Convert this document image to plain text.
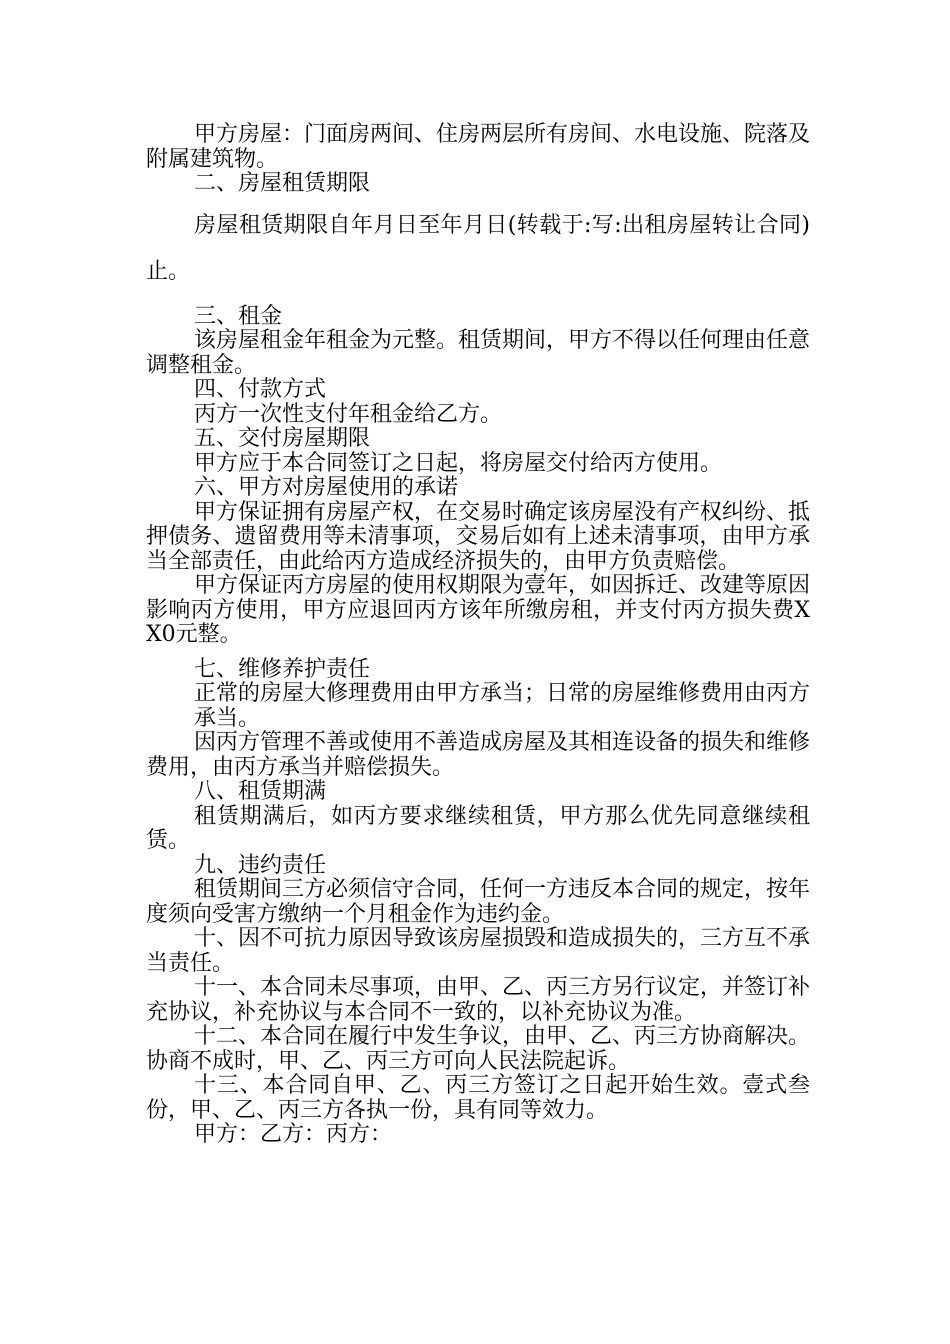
甲方房屋：门面房两间、住房两层所有房间、水电设施、院落及附属建筑物。

二、房屋租赁期限

房屋租赁期限自年月日至年月日(转载于:写:出租房屋转让合同)止。

三、租金

该房屋租金年租金为元整。租赁期间，甲方不得以任何理由任意调整租金。

四、付款方式

丙方一次性支付年租金给乙方。

五、交付房屋期限

甲方应于本合同签订之日起，将房屋交付给丙方使用。

六、甲方对房屋使用的承诺

甲方保证拥有房屋产权，在交易时确定该房屋没有产权纠纷、抵押债务、遗留费用等未清事项，交易后如有上述未清事项，由甲方承当全部责任，由此给丙方造成经济损失的，由甲方负责赔偿。

甲方保证丙方房屋的使用权期限为壹年，如因拆迁、改建等原因影响丙方使用，甲方应退回丙方该年所缴房租，并支付丙方损失费XX0元整。

七、维修养护责任

正常的房屋大修理费用由甲方承当；日常的房屋维修费用由丙方

承当。

因丙方管理不善或使用不善造成房屋及其相连设备的损失和维修费用，由丙方承当并赔偿损失。

八、租赁期满

租赁期满后，如丙方要求继续租赁，甲方那么优先同意继续租赁。

九、违约责任

租赁期间三方必须信守合同，任何一方违反本合同的规定，按年度须向受害方缴纳一个月租金作为违约金。

十、因不可抗力原因导致该房屋损毁和造成损失的，三方互不承当责任。

十一、本合同未尽事项，由甲、乙、丙三方另行议定，并签订补充协议，补充协议与本合同不一致的，以补充协议为准。

十二、本合同在履行中发生争议，由甲、乙、丙三方协商解决。协商不成时，甲、乙、丙三方可向人民法院起诉。

十三、本合同自甲、乙、丙三方签订之日起开始生效。壹式叁份，甲、乙、丙三方各执一份，具有同等效力。

甲方：乙方：丙方：
